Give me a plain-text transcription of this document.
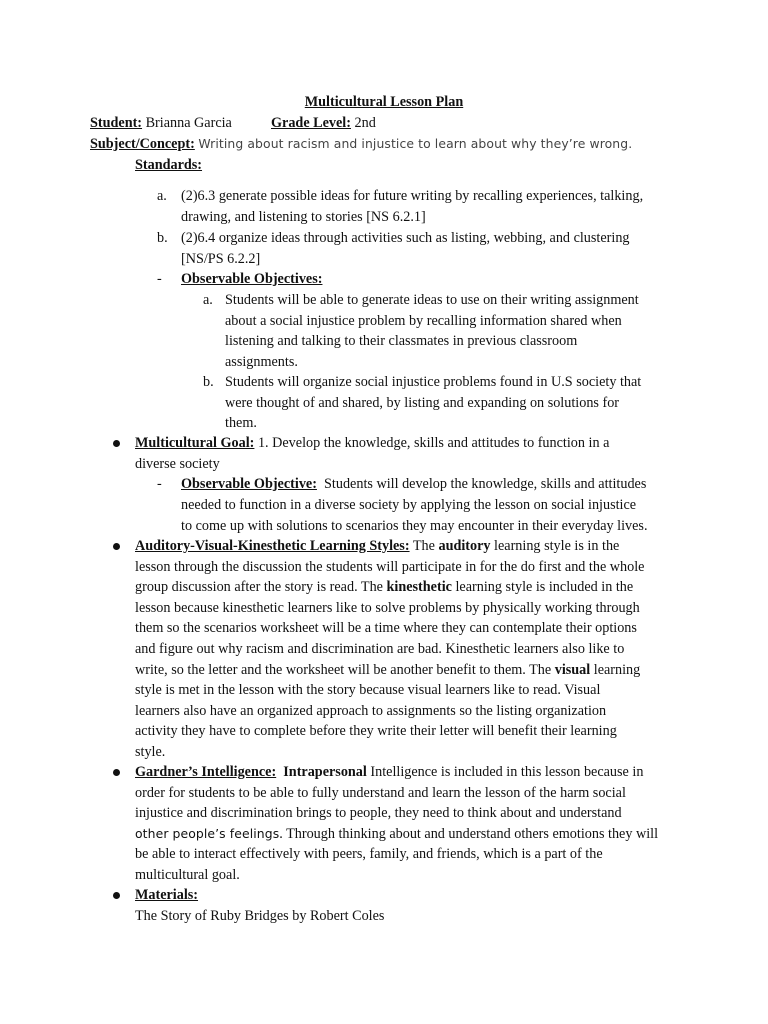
Multicultural Lesson Plan
Student: Brianna Garcia	Grade Level: 2nd
Subject/Concept: Writing about racism and injustice to learn about why they’re wrong.
Standards:
a. (2)6.3 generate possible ideas for future writing by recalling experiences, talking,
drawing, and listening to stories [NS 6.2.1]
b. (2)6.4 organize ideas through activities such as listing, webbing, and clustering
[NS/PS 6.2.2]
- Observable Objectives:
a. Students will be able to generate ideas to use on their writing assignment
about a social injustice problem by recalling information shared when
listening and talking to their classmates in previous classroom
assignments.
b. Students will organize social injustice problems found in U.S society that
were thought of and shared, by listing and expanding on solutions for
them.
Multicultural Goal: 1. Develop the knowledge, skills and attitudes to function in a
diverse society
- Observable Objective:  Students will develop the knowledge, skills and attitudes
needed to function in a diverse society by applying the lesson on social injustice
to come up with solutions to scenarios they may encounter in their everyday lives.
Auditory-Visual-Kinesthetic Learning Styles: The auditory learning style is in the
lesson through the discussion the students will participate in for the do first and the whole
group discussion after the story is read. The kinesthetic learning style is included in the
lesson because kinesthetic learners like to solve problems by physically working through
them so the scenarios worksheet will be a time where they can contemplate their options
and figure out why racism and discrimination are bad. Kinesthetic learners also like to
write, so the letter and the worksheet will be another benefit to them. The visual learning
style is met in the lesson with the story because visual learners like to read. Visual
learners also have an organized approach to assignments so the listing organization
activity they have to complete before they write their letter will benefit their learning
style.
Gardner’s Intelligence: Intrapersonal Intelligence is included in this lesson because in
order for students to be able to fully understand and learn the lesson of the harm social
injustice and discrimination brings to people, they need to think about and understand
other people’s feelings. Through thinking about and understand others emotions they will
be able to interact effectively with peers, family, and friends, which is a part of the
multicultural goal.
Materials:
The Story of Ruby Bridges by Robert Coles
